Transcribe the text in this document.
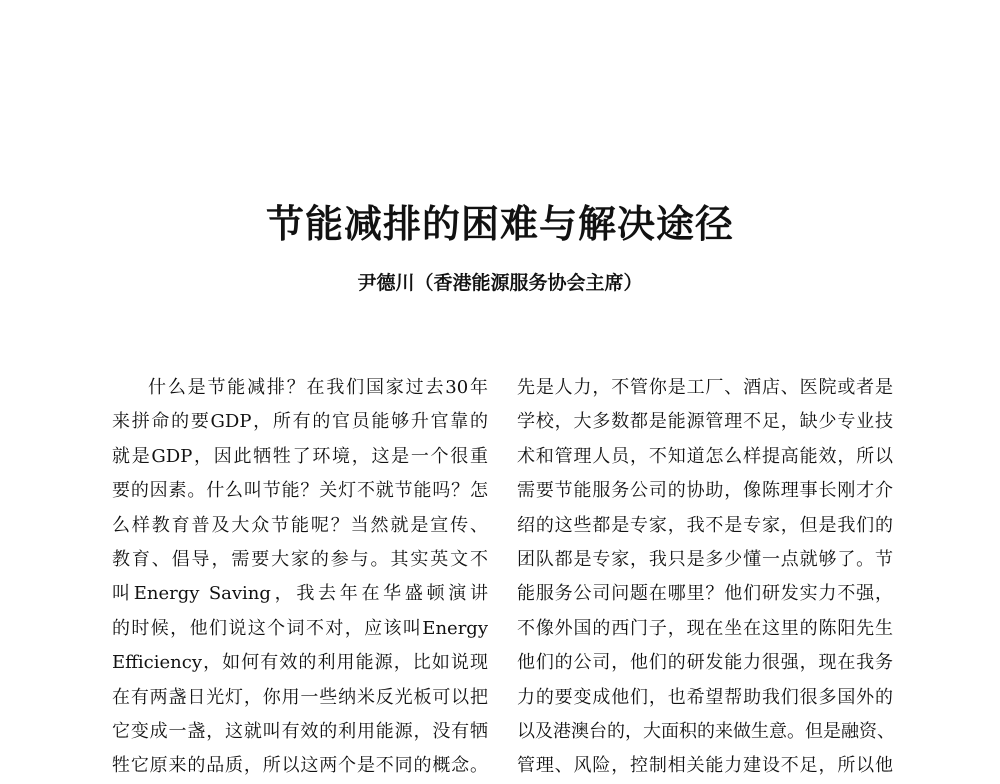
节能减排的困难与解决途径
尹德川（香港能源服务协会主席）
什么是节能减排？在我们国家过去30年
来拼命的要GDP，所有的官员能够升官靠的
就是GDP，因此牺牲了环境，这是一个很重
要的因素。什么叫节能？关灯不就节能吗？怎
么样教育普及大众节能呢？当然就是宣传、
教育、倡导，需要大家的参与。其实英文不
叫Energy Saving，我去年在华盛顿演讲
的时候，他们说这个词不对，应该叫Energy
Efficiency，如何有效的利用能源，比如说现
在有两盏日光灯，你用一些纳米反光板可以把
它变成一盏，这就叫有效的利用能源，没有牺
牲它原来的品质，所以这两个是不同的概念。
先是人力，不管你是工厂、酒店、医院或者是
学校，大多数都是能源管理不足，缺少专业技
术和管理人员，不知道怎么样提高能效，所以
需要节能服务公司的协助，像陈理事长刚才介
绍的这些都是专家，我不是专家，但是我们的
团队都是专家，我只是多少懂一点就够了。节
能服务公司问题在哪里？他们研发实力不强，
不像外国的西门子，现在坐在这里的陈阳先生
他们的公司，他们的研发能力很强，现在我务
力的要变成他们，也希望帮助我们很多国外的
以及港澳台的，大面积的来做生意。但是融资、
管理、风险，控制相关能力建设不足，所以他
